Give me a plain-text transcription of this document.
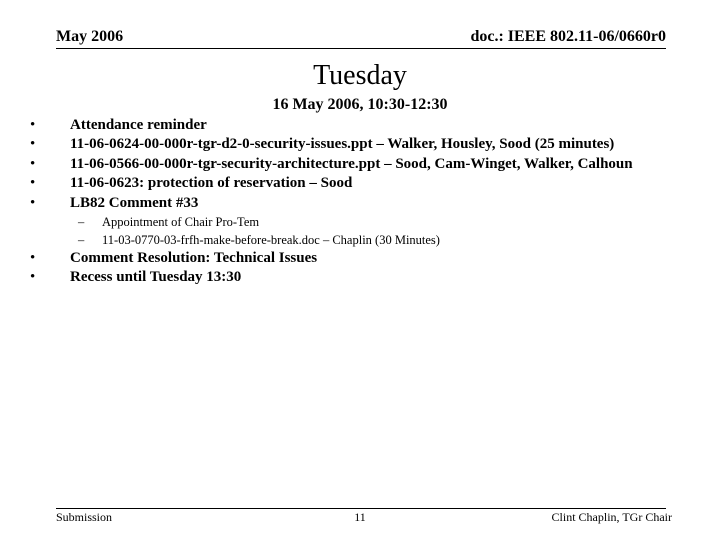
May 2006	doc.: IEEE 802.11-06/0660r0
Tuesday
16 May 2006, 10:30-12:30
• Attendance reminder
• 11-06-0624-00-000r-tgr-d2-0-security-issues.ppt – Walker, Housley, Sood (25 minutes)
• 11-06-0566-00-000r-tgr-security-architecture.ppt – Sood, Cam-Winget, Walker, Calhoun
• 11-06-0623: protection of reservation – Sood
• LB82 Comment #33
– Appointment of Chair Pro-Tem
– 11-03-0770-03-frfh-make-before-break.doc – Chaplin (30 Minutes)
• Comment Resolution: Technical Issues
• Recess until Tuesday 13:30
Submission	11	Clint Chaplin, TGr Chair
